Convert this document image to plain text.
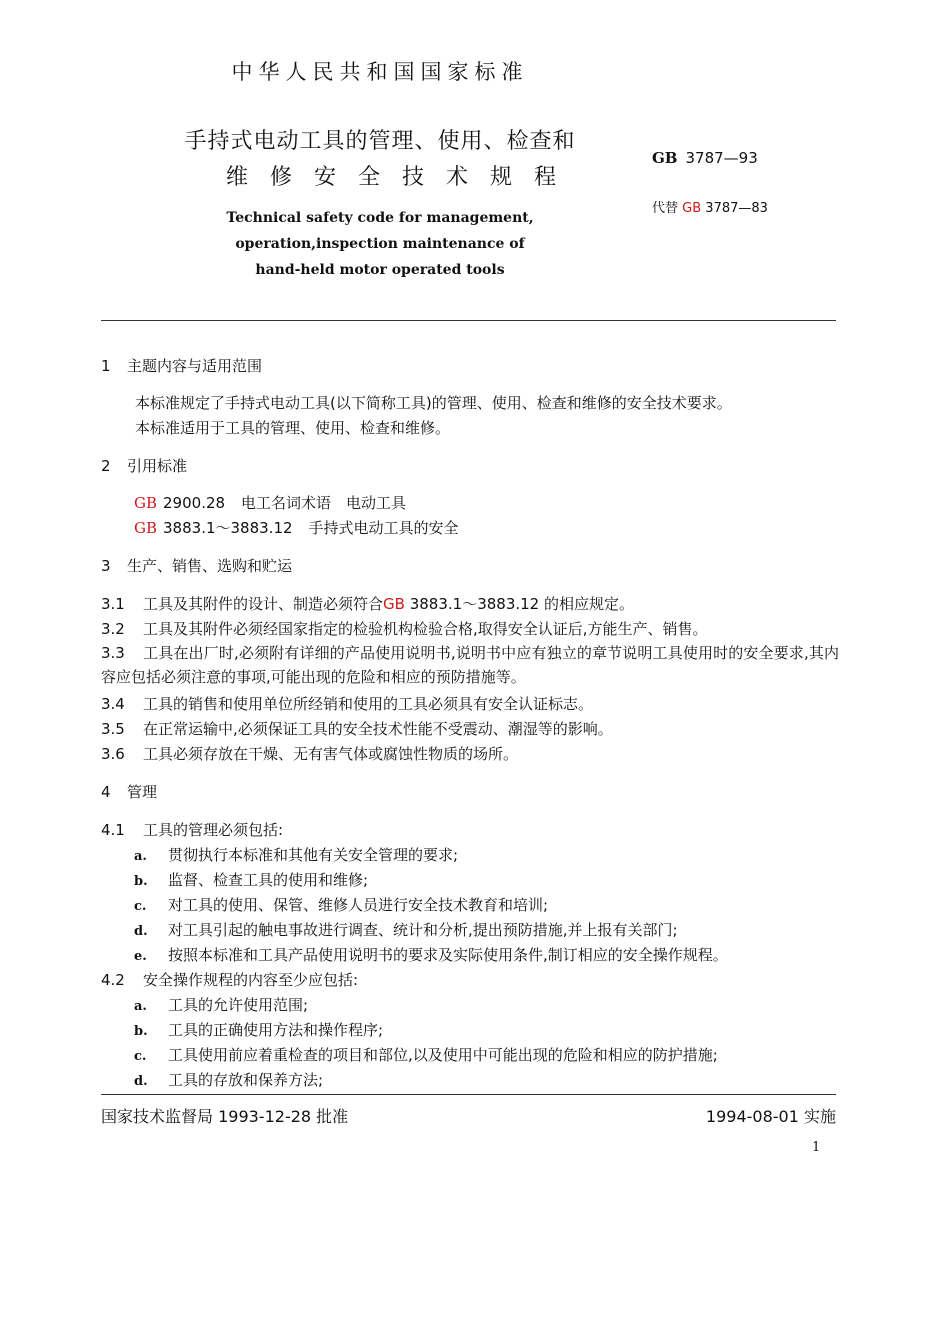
中华人民共和国国家标准
手持式电动工具的管理、使用、检查和
维修安全技术规程
Technical safety code for management,
operation,inspection maintenance of
hand-held motor operated tools
GB 3787—93
代替 GB 3787—83
1 主题内容与适用范围
本标准规定了手持式电动工具(以下简称工具)的管理、使用、检查和维修的安全技术要求。
本标准适用于工具的管理、使用、检查和维修。
2 引用标准
GB 2900.28 电工名词术语　电动工具
GB 3883.1～3883.12 手持式电动工具的安全
3 生产、销售、选购和贮运
3.1 工具及其附件的设计、制造必须符合GB 3883.1～3883.12 的相应规定。
3.2 工具及其附件必须经国家指定的检验机构检验合格,取得安全认证后,方能生产、销售。
3.3 工具在出厂时,必须附有详细的产品使用说明书,说明书中应有独立的章节说明工具使用时的安全要求,其内容应包括必须注意的事项,可能出现的危险和相应的预防措施等。
3.4 工具的销售和使用单位所经销和使用的工具必须具有安全认证标志。
3.5 在正常运输中,必须保证工具的安全技术性能不受震动、潮湿等的影响。
3.6 工具必须存放在干燥、无有害气体或腐蚀性物质的场所。
4 管理
4.1 工具的管理必须包括:
a. 贯彻执行本标准和其他有关安全管理的要求;
b. 监督、检查工具的使用和维修;
c. 对工具的使用、保管、维修人员进行安全技术教育和培训;
d. 对工具引起的触电事故进行调查、统计和分析,提出预防措施,并上报有关部门;
e. 按照本标准和工具产品使用说明书的要求及实际使用条件,制订相应的安全操作规程。
4.2 安全操作规程的内容至少应包括:
a. 工具的允许使用范围;
b. 工具的正确使用方法和操作程序;
c. 工具使用前应着重检查的项目和部位,以及使用中可能出现的危险和相应的防护措施;
d. 工具的存放和保养方法;
国家技术监督局 1993-12-28 批准	1994-08-01 实施
1
